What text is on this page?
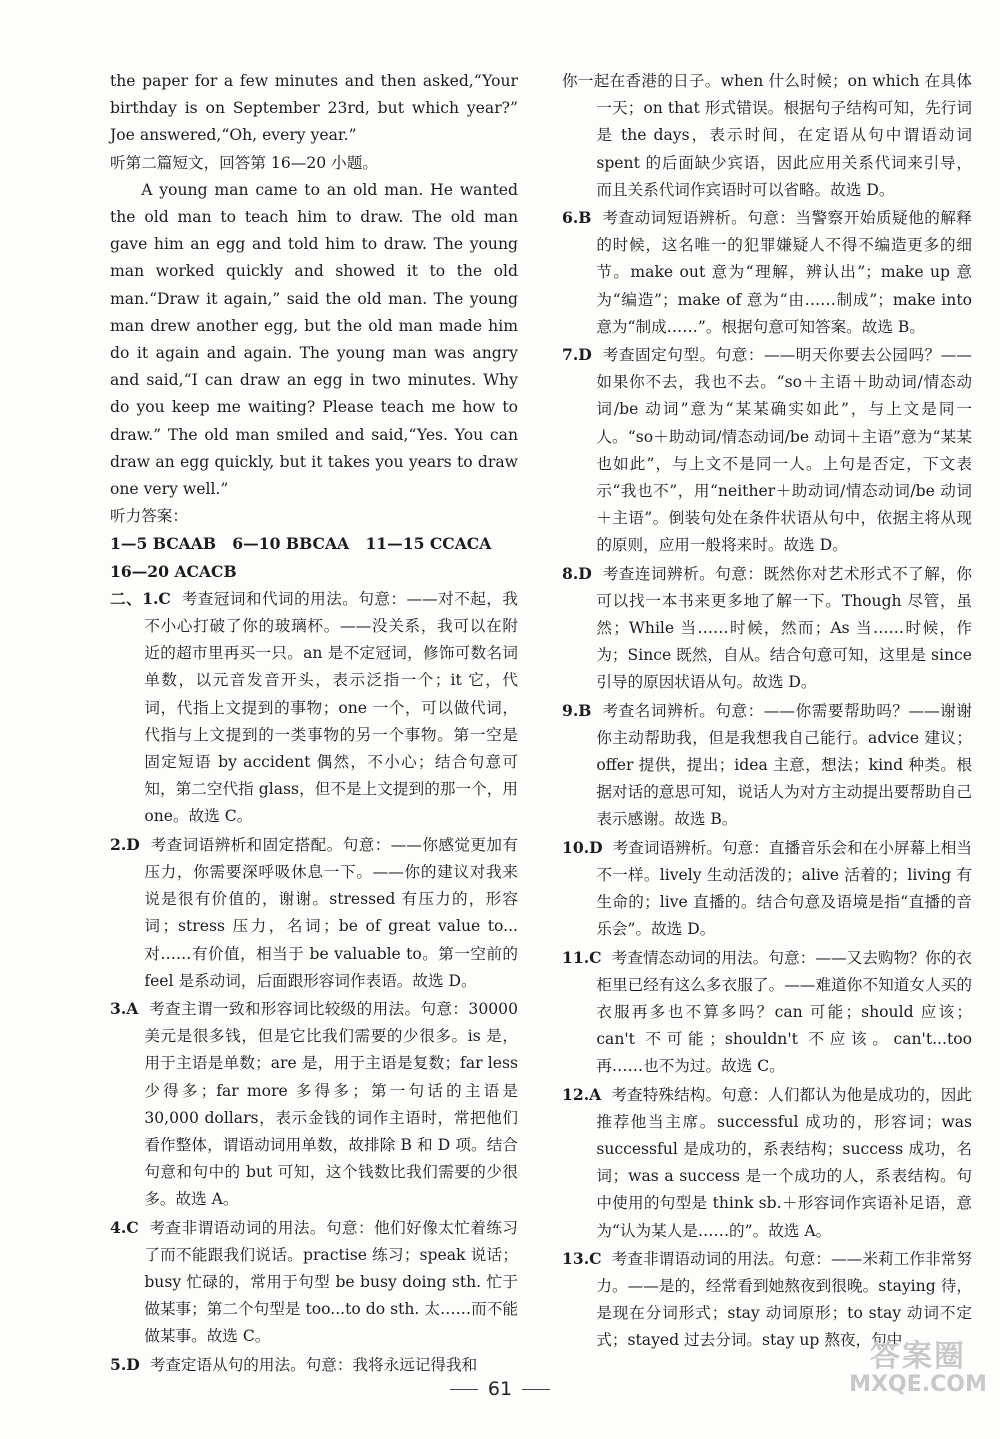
the paper for a few minutes and then asked,“Your birthday is on September 23rd, but which year?” Joe answered,“Oh, every year.”

听第二篇短文，回答第 16—20 小题。

A young man came to an old man. He wanted the old man to teach him to draw. The old man gave him an egg and told him to draw. The young man worked quickly and showed it to the old man.“Draw it again,” said the old man. The young man drew another egg, but the old man made him do it again and again. The young man was angry and said,“I can draw an egg in two minutes. Why do you keep me waiting? Please teach me how to draw.” The old man smiled and said,“Yes. You can draw an egg quickly, but it takes you years to draw one very well.”

听力答案：

1—5 BCAAB 6—10 BBCAA 11—15 CCACA

16—20 ACACB

二、1.C 考查冠词和代词的用法。句意：——对不起，我不小心打破了你的玻璃杯。——没关系，我可以在附近的超市里再买一只。an 是不定冠词，修饰可数名词单数，以元音发音开头，表示泛指一个；it 它，代词，代指上文提到的事物；one 一个，可以做代词，代指与上文提到的一类事物的另一个事物。第一空是固定短语 by accident 偶然，不小心；结合句意可知，第二空代指 glass，但不是上文提到的那一个，用 one。故选 C。

2.D 考查词语辨析和固定搭配。句意：——你感觉更加有压力，你需要深呼吸休息一下。——你的建议对我来说是很有价值的，谢谢。stressed 有压力的，形容词；stress 压力，名词；be of great value to... 对……有价值，相当于 be valuable to。第一空前的 feel 是系动词，后面跟形容词作表语。故选 D。

3.A 考查主谓一致和形容词比较级的用法。句意：30000 美元是很多钱，但是它比我们需要的少很多。is 是，用于主语是单数；are 是，用于主语是复数；far less 少得多；far more 多得多；第一句话的主语是 30,000 dollars，表示金钱的词作主语时，常把他们看作整体，谓语动词用单数，故排除 B 和 D 项。结合句意和句中的 but 可知，这个钱数比我们需要的少很多。故选 A。

4.C 考查非谓语动词的用法。句意：他们好像太忙着练习了而不能跟我们说话。practise 练习；speak 说话；busy 忙碌的，常用于句型 be busy doing sth. 忙于做某事；第二个句型是 too...to do sth. 太……而不能做某事。故选 C。

5.D 考查定语从句的用法。句意：我将永远记得我和

你一起在香港的日子。when 什么时候；on which 在具体一天；on that 形式错误。根据句子结构可知，先行词是 the days，表示时间，在定语从句中谓语动词 spent 的后面缺少宾语，因此应用关系代词来引导，而且关系代词作宾语时可以省略。故选 D。

6.B 考查动词短语辨析。句意：当警察开始质疑他的解释的时候，这名唯一的犯罪嫌疑人不得不编造更多的细节。make out 意为“理解，辨认出”；make up 意为“编造”；make of 意为“由……制成”；make into 意为“制成……”。根据句意可知答案。故选 B。

7.D 考查固定句型。句意：——明天你要去公园吗？——如果你不去，我也不去。“so＋主语＋助动词/情态动词/be 动词”意为“某某确实如此”，与上文是同一人。“so＋助动词/情态动词/be 动词＋主语”意为“某某也如此”，与上文不是同一人。上句是否定，下文表示“我也不”，用“neither＋助动词/情态动词/be 动词＋主语”。倒装句处在条件状语从句中，依据主将从现的原则，应用一般将来时。故选 D。

8.D 考查连词辨析。句意：既然你对艺术形式不了解，你可以找一本书来更多地了解一下。Though 尽管，虽然；While 当……时候，然而；As 当……时候，作为；Since 既然，自从。结合句意可知，这里是 since 引导的原因状语从句。故选 D。

9.B 考查名词辨析。句意：——你需要帮助吗？——谢谢你主动帮助我，但是我想我自己能行。advice 建议；offer 提供，提出；idea 主意，想法；kind 种类。根据对话的意思可知，说话人为对方主动提出要帮助自己表示感谢。故选 B。

10.D 考查词语辨析。句意：直播音乐会和在小屏幕上相当不一样。lively 生动活泼的；alive 活着的；living 有生命的；live 直播的。结合句意及语境是指“直播的音乐会”。故选 D。

11.C 考查情态动词的用法。句意：——又去购物？你的衣柜里已经有这么多衣服了。——难道你不知道女人买的衣服再多也不算多吗？can 可能；should 应该；can't 不可能；shouldn't 不应该。can't...too 再……也不为过。故选 C。

12.A 考查特殊结构。句意：人们都认为他是成功的，因此推荐他当主席。successful 成功的，形容词；was successful 是成功的，系表结构；success 成功，名词；was a success 是一个成功的人，系表结构。句中使用的句型是 think sb.＋形容词作宾语补足语，意为“认为某人是……的”。故选 A。

13.C 考查非谓语动词的用法。句意：——米莉工作非常努力。——是的，经常看到她熬夜到很晚。staying 待，是现在分词形式；stay 动词原形；to stay 动词不定式；stayed 过去分词。stay up 熬夜，句中

61
答案圈
MXQE.COM
